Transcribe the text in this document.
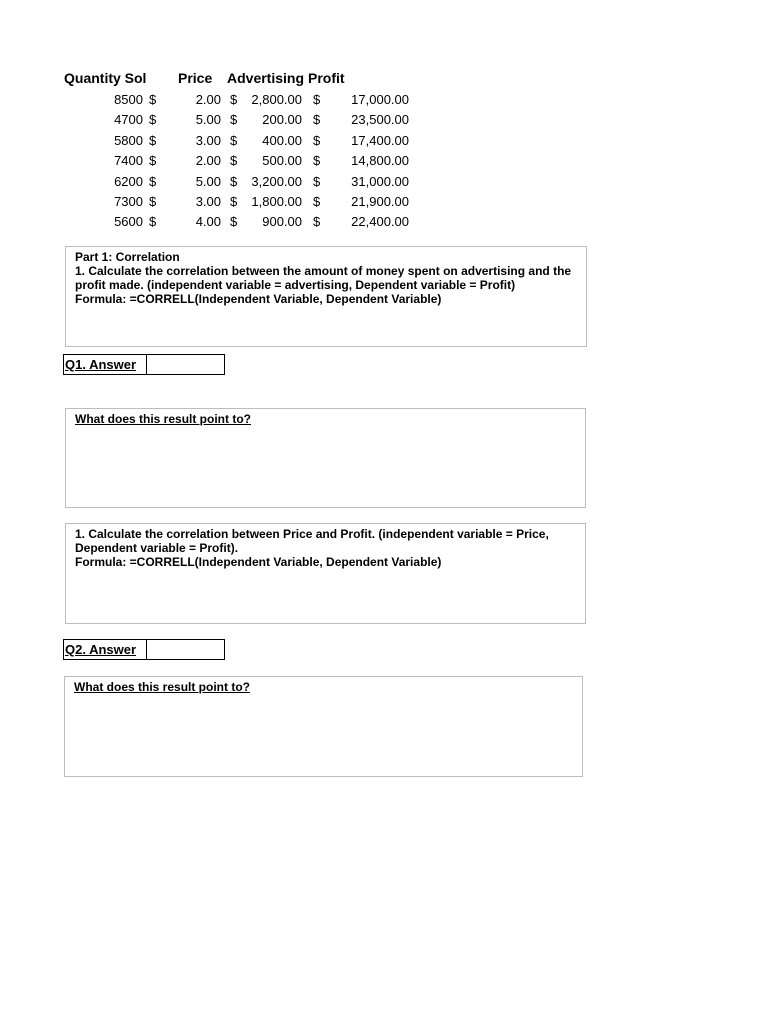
Quantity Sol Price Advertising Profit
8500 $	2.00 $	2,800.00 $	17,000.00
4700 $	5.00 $	200.00 $	23,500.00
5800 $	3.00 $	400.00 $	17,400.00
7400 $	2.00 $	500.00 $	14,800.00
6200 $	5.00 $	3,200.00 $	31,000.00
7300 $	3.00 $	1,800.00 $	21,900.00
5600 $	4.00 $	900.00 $	22,400.00
Part 1: Correlation
1. Calculate the correlation between the amount of money spent on advertising and the
profit made. (independent variable = advertising, Dependent variable = Profit)
Formula: =CORRELL(Independent Variable, Dependent Variable)
Q1. Answer
What does this result point to?
1. Calculate the correlation between Price and Profit. (independent variable = Price,
Dependent variable = Profit).
Formula: =CORRELL(Independent Variable, Dependent Variable)
Q2. Answer
What does this result point to?
